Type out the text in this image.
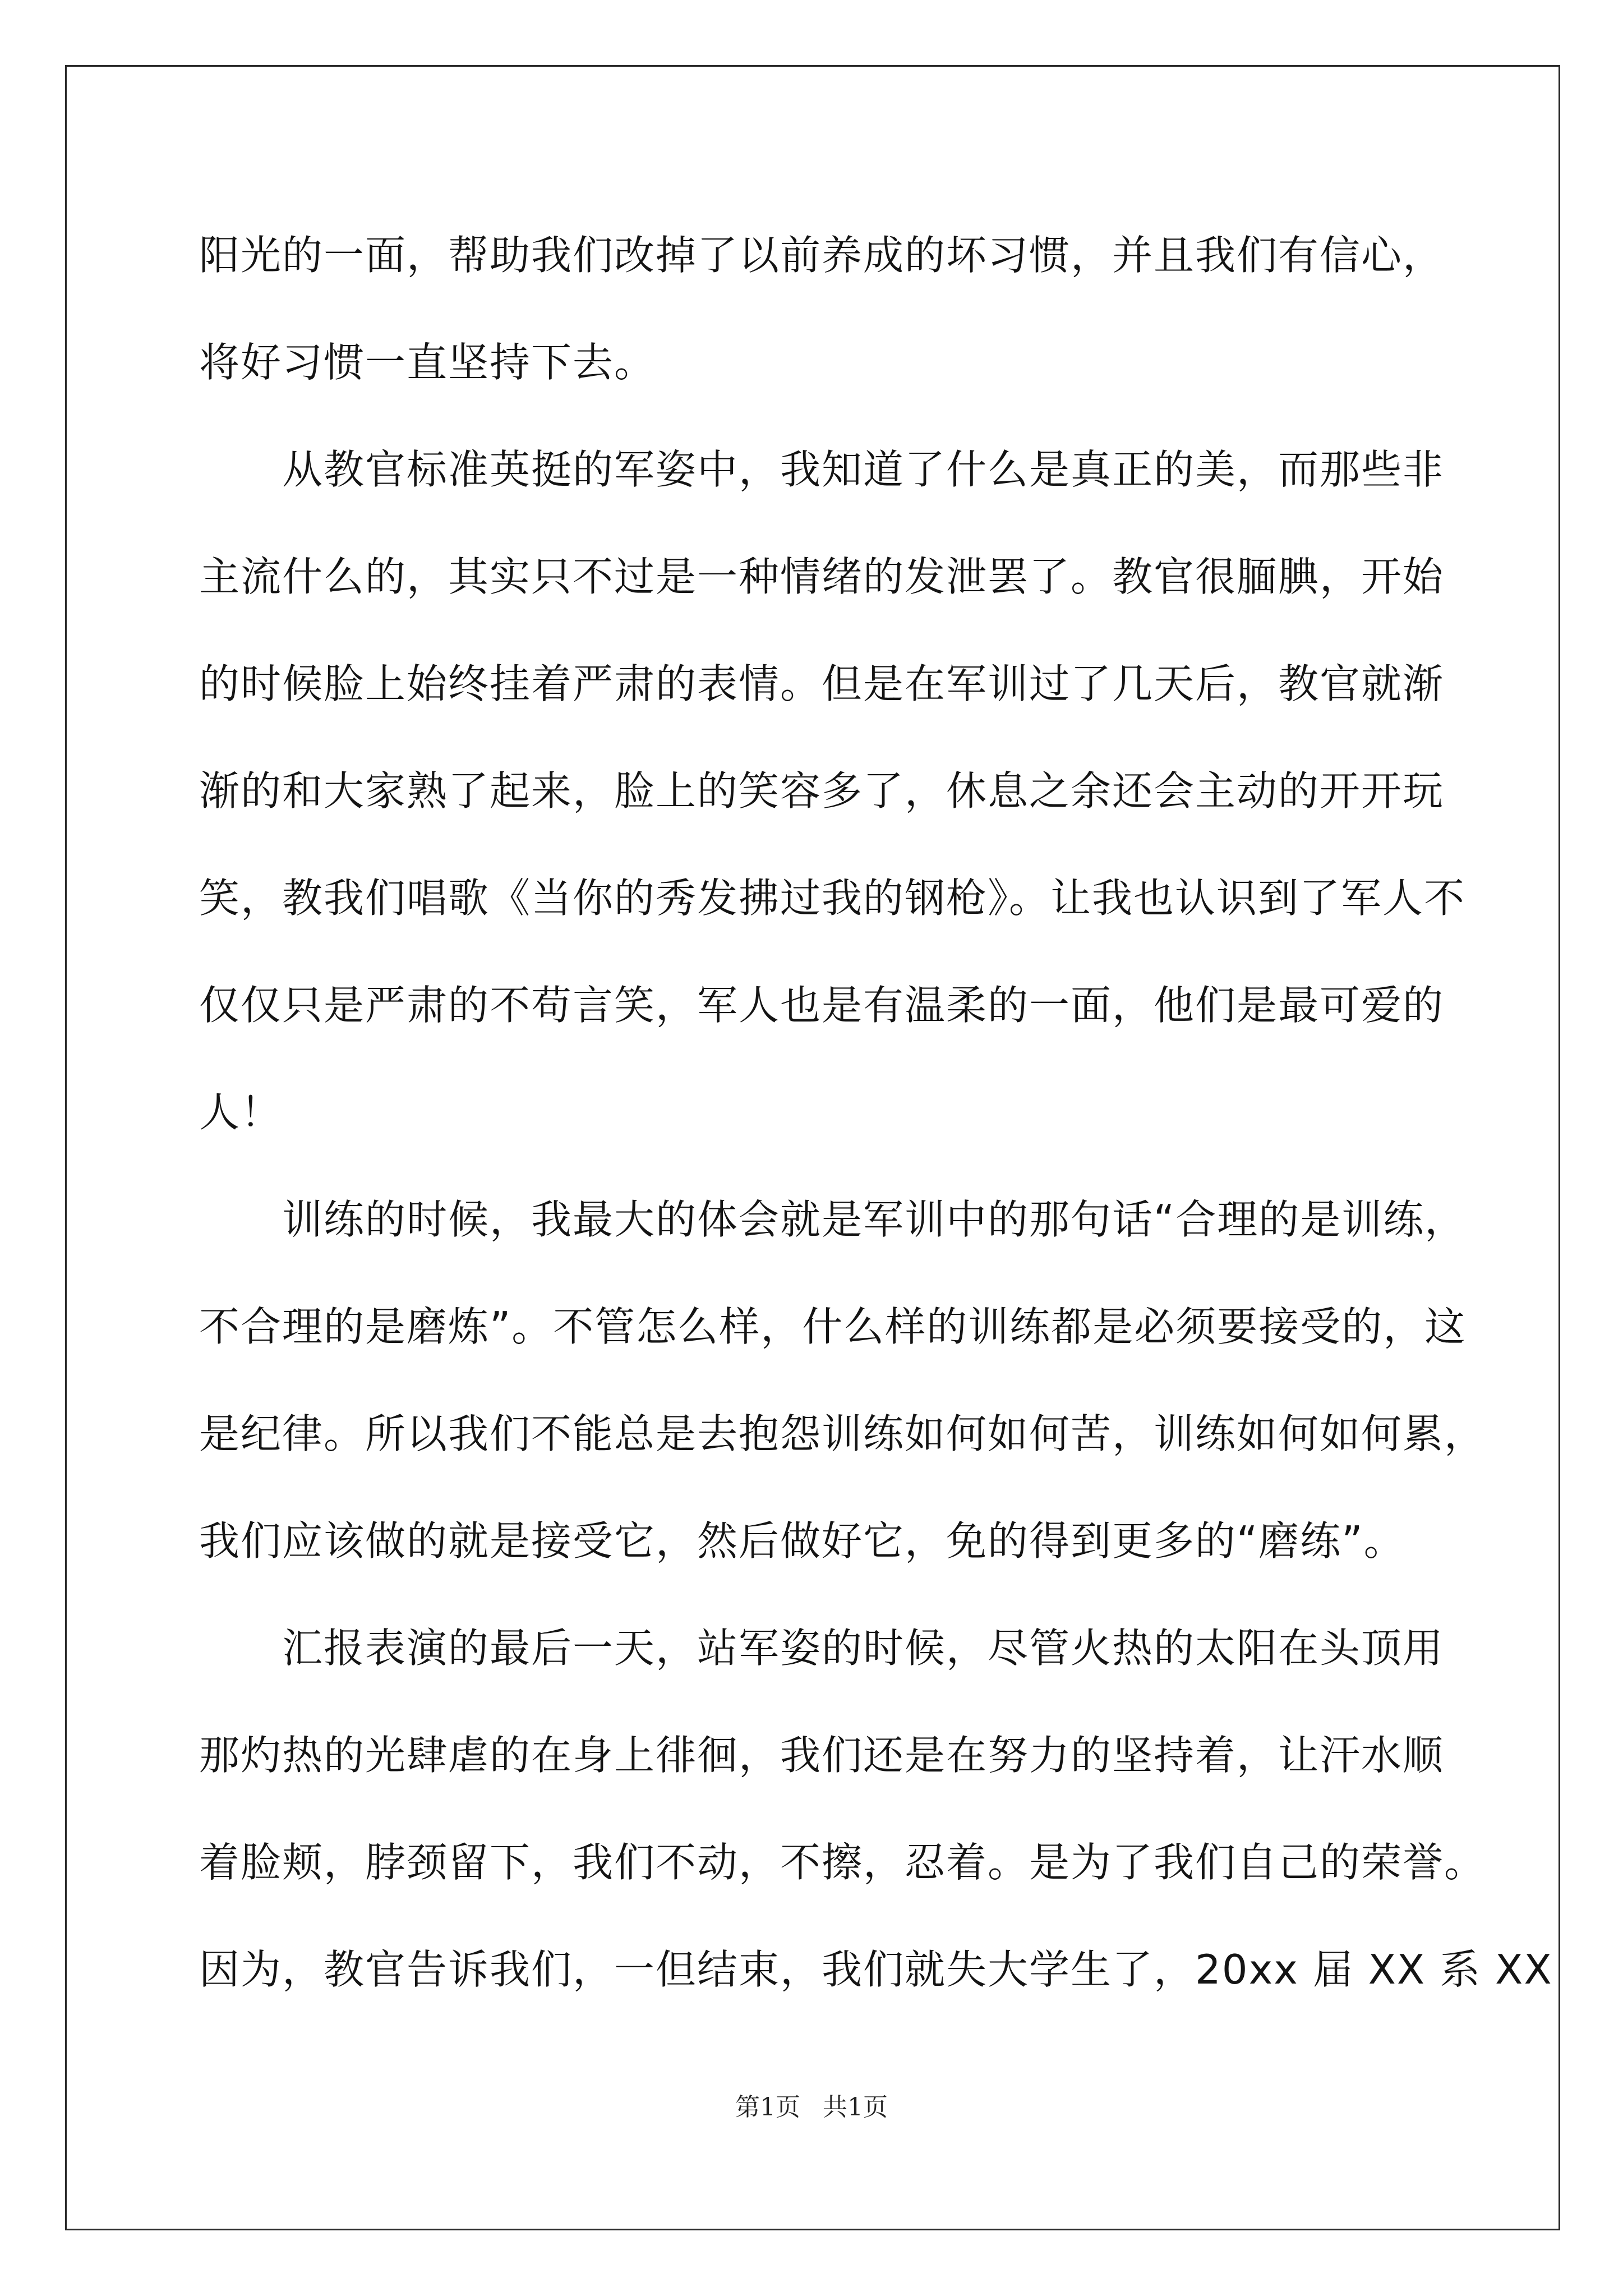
阳光的一面，帮助我们改掉了以前养成的坏习惯，并且我们有信心，
将好习惯一直坚持下去。
从教官标准英挺的军姿中，我知道了什么是真正的美，而那些非
主流什么的，其实只不过是一种情绪的发泄罢了。教官很腼腆，开始
的时候脸上始终挂着严肃的表情。但是在军训过了几天后，教官就渐
渐的和大家熟了起来，脸上的笑容多了，休息之余还会主动的开开玩
笑，教我们唱歌《当你的秀发拂过我的钢枪》。让我也认识到了军人不
仅仅只是严肃的不苟言笑，军人也是有温柔的一面，他们是最可爱的
人！
训练的时候，我最大的体会就是军训中的那句话“合理的是训练，
不合理的是磨炼”。不管怎么样，什么样的训练都是必须要接受的，这
是纪律。所以我们不能总是去抱怨训练如何如何苦，训练如何如何累，
我们应该做的就是接受它，然后做好它，免的得到更多的“磨练”。
汇报表演的最后一天，站军姿的时候，尽管火热的太阳在头顶用
那灼热的光肆虐的在身上徘徊，我们还是在努力的坚持着，让汗水顺
着脸颊，脖颈留下，我们不动，不擦，忍着。是为了我们自己的荣誉。
因为，教官告诉我们，一但结束，我们就失大学生了，20xx 届 XX 系 XX
第1页 共1页
